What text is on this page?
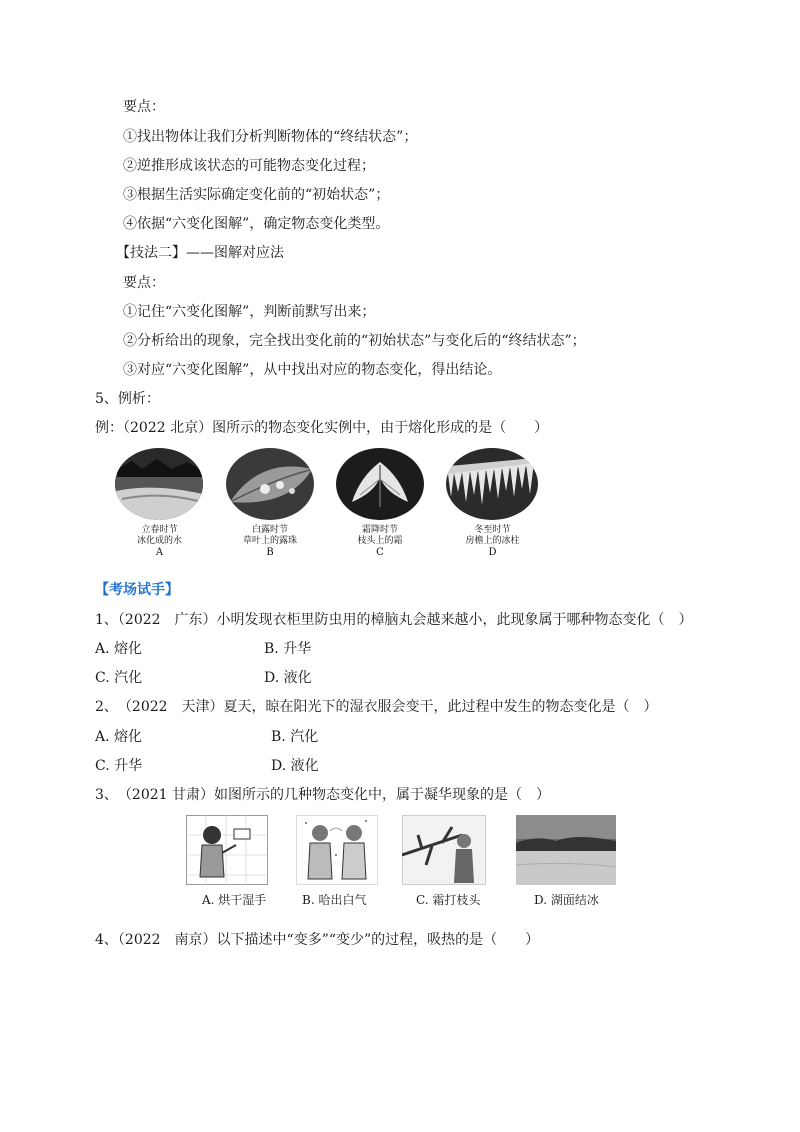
要点：
①找出物体让我们分析判断物体的“终结状态”；
②逆推形成该状态的可能物态变化过程；
③根据生活实际确定变化前的“初始状态”；
④依据“六变化图解”，确定物态变化类型。
【技法二】——图解对应法
要点：
①记住“六变化图解”，判断前默写出来；
②分析给出的现象，完全找出变化前的“初始状态”与变化后的“终结状态”；
③对应“六变化图解”，从中找出对应的物态变化，得出结论。
5、例析：
例：（2022 北京）图所示的物态变化实例中，由于熔化形成的是（　　）
立春时节
冰化成的水
A
白露时节
草叶上的露珠
B
霜降时节
枝头上的霜
C
冬至时节
房檐上的冰柱
D
【考场试手】
1、（2022　广东）小明发现衣柜里防虫用的樟脑丸会越来越小，此现象属于哪种物态变化（　）
A. 熔化	B. 升华
C. 汽化	D. 液化
2、　（2022　天津）夏天，晾在阳光下的湿衣服会变干，此过程中发生的物态变化是（　）
A. 熔化	B. 汽化
C. 升华	D. 液化
3、　（2021 甘肃）如图所示的几种物态变化中，属于凝华现象的是（　）
A. 烘干湿手	B. 哈出白气	C. 霜打枝头	D. 湖面结冰
4、（2022　南京）以下描述中“变多”“变少”的过程，吸热的是（　　）
